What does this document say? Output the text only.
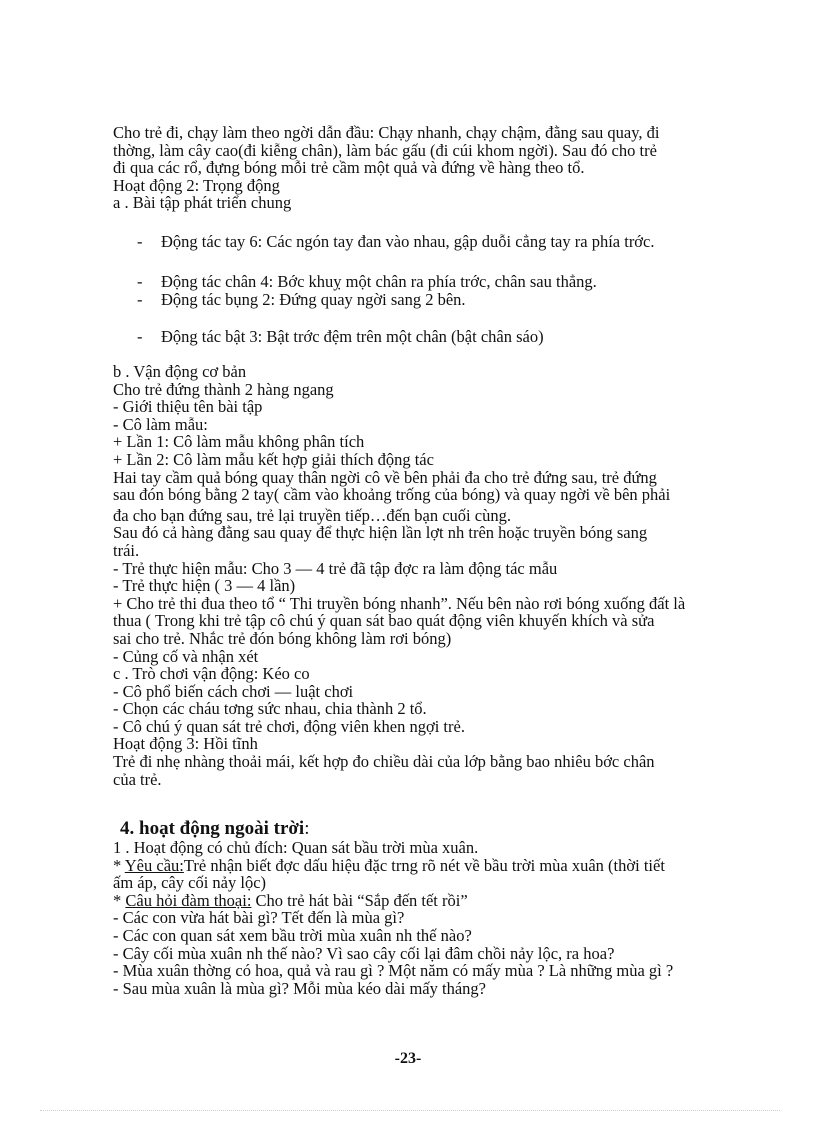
Cho trẻ đi, chạy làm theo ngời dẫn đầu: Chạy nhanh, chạy chậm, đằng sau quay, đi

thờng, làm cây cao(đi kiễng chân), làm bác gấu (đi cúi khom ngời). Sau đó cho trẻ

đi qua các rổ, đựng bóng mỗi trẻ cầm một quả và đứng về hàng theo tổ.

Hoạt động 2: Trọng động

a . Bài tập phát triển chung

- Động tác tay 6: Các ngón tay đan vào nhau, gập duỗi cẳng tay ra phía trớc.
- Động tác chân 4: Bớc khuỵ một chân ra phía trớc, chân sau thẳng.
- Động tác bụng 2: Đứng quay ngời sang 2 bên.
- Động tác bật 3: Bật trớc đệm trên một chân (bật chân sáo)

b . Vận động cơ bản

Cho trẻ đứng thành 2 hàng ngang

- Giới thiệu tên bài tập

- Cô làm mẫu:

+ Lần 1: Cô làm mẫu không phân tích

+ Lần 2: Cô làm mẫu kết hợp giải thích động tác

Hai tay cầm quả bóng quay thân ngời cô về bên phải đa cho trẻ đứng sau, trẻ đứng

sau đón bóng bằng 2 tay( cầm vào khoảng trống của bóng) và quay ngời về bên phải

đa cho bạn đứng sau, trẻ lại truyền tiếp…đến bạn cuối cùng.

Sau đó cả hàng đằng sau quay để thực hiện lần lợt nh trên hoặc truyền bóng sang

trái.

- Trẻ thực hiện mẫu: Cho 3 — 4 trẻ đã tập đợc ra làm động tác mẫu

- Trẻ thực hiện ( 3 — 4 lần)

+ Cho trẻ thi đua theo tổ “ Thi truyền bóng nhanh”. Nếu bên nào rơi bóng xuống đất là

thua ( Trong khi trẻ tập cô chú ý quan sát bao quát động viên khuyến khích và sửa

sai cho trẻ. Nhắc trẻ đón bóng không làm rơi bóng)

- Củng cố và nhận xét

c . Trò chơi vận động: Kéo co

- Cô phổ biến cách chơi — luật chơi

- Chọn các cháu tơng sức nhau, chia thành 2 tổ.

- Cô chú ý quan sát trẻ chơi, động viên khen ngợi trẻ.

Hoạt động 3: Hồi tĩnh

Trẻ đi nhẹ nhàng thoải mái, kết hợp đo chiều dài của lớp bằng bao nhiêu bớc chân

của trẻ.

4. hoạt động ngoài trời:

1 . Hoạt động có chủ đích: Quan sát bầu trời mùa xuân.

* Yêu cầu:Trẻ nhận biết đợc dấu hiệu đặc trng rõ nét về bầu trời mùa xuân (thời tiết

ấm áp, cây cối nảy lộc)

* Câu hỏi đàm thoại: Cho trẻ hát bài “Sắp đến tết rồi”

- Các con vừa hát bài gì? Tết đến là mùa gì?

- Các con quan sát xem bầu trời mùa xuân nh thế nào?

- Cây cối mùa xuân nh thế nào? Vì sao cây cối lại đâm chồi nảy lộc, ra hoa?

- Mùa xuân thờng có hoa, quả và rau gì ? Một năm có mấy mùa ? Là những mùa gì ?

- Sau mùa xuân là mùa gì? Mỗi mùa kéo dài mấy tháng?

-23-
